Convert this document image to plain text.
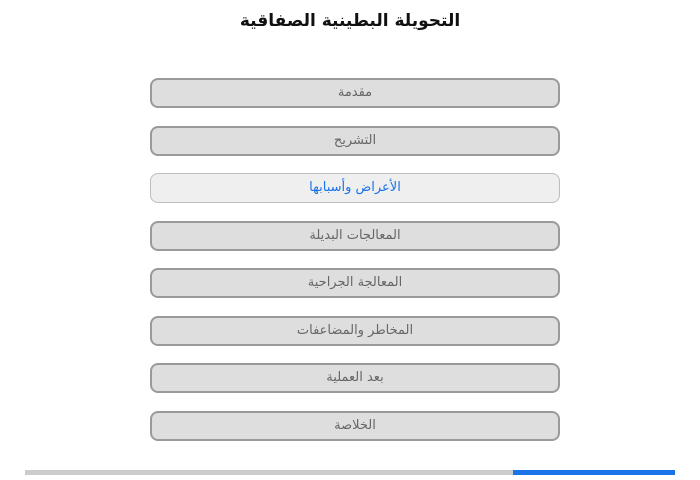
التحويلة البطينية الصفاقية
مقدمة
التشريح
الأعراض وأسبابها
المعالجات البديلة
المعالجة الجراحية
المخاطر والمضاعفات
بعد العملية
الخلاصة
